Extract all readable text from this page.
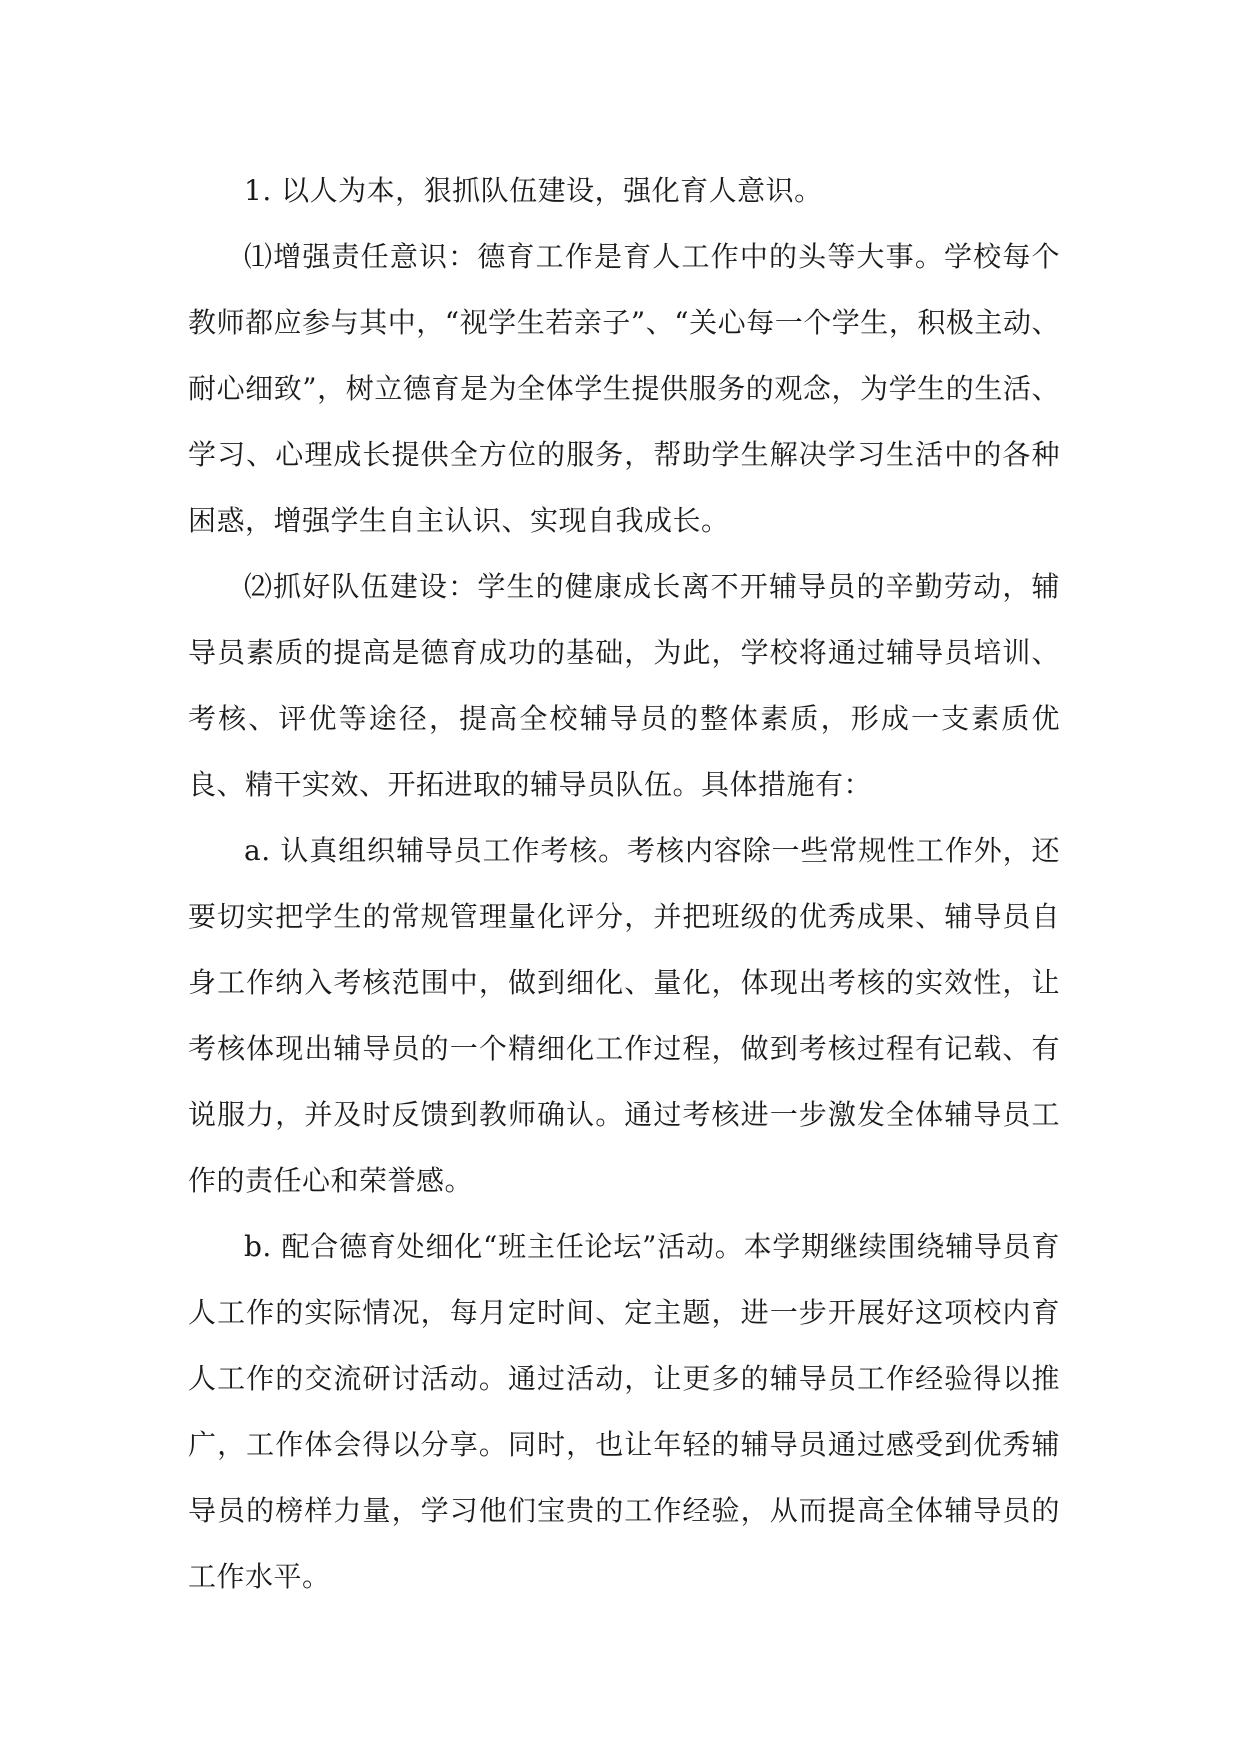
1. 以人为本，狠抓队伍建设，强化育人意识。

⑴增强责任意识：德育工作是育人工作中的头等大事。学校每个教师都应参与其中，“视学生若亲子”、“关心每一个学生，积极主动、耐心细致”，树立德育是为全体学生提供服务的观念，为学生的生活、学习、心理成长提供全方位的服务，帮助学生解决学习生活中的各种困惑，增强学生自主认识、实现自我成长。

⑵抓好队伍建设：学生的健康成长离不开辅导员的辛勤劳动，辅导员素质的提高是德育成功的基础，为此，学校将通过辅导员培训、考核、评优等途径，提高全校辅导员的整体素质，形成一支素质优良、精干实效、开拓进取的辅导员队伍。具体措施有：

a. 认真组织辅导员工作考核。考核内容除一些常规性工作外，还要切实把学生的常规管理量化评分，并把班级的优秀成果、辅导员自身工作纳入考核范围中，做到细化、量化，体现出考核的实效性，让考核体现出辅导员的一个精细化工作过程，做到考核过程有记载、有说服力，并及时反馈到教师确认。通过考核进一步激发全体辅导员工作的责任心和荣誉感。

b. 配合德育处细化“班主任论坛”活动。本学期继续围绕辅导员育人工作的实际情况，每月定时间、定主题，进一步开展好这项校内育人工作的交流研讨活动。通过活动，让更多的辅导员工作经验得以推广，工作体会得以分享。同时，也让年轻的辅导员通过感受到优秀辅导员的榜样力量，学习他们宝贵的工作经验，从而提高全体辅导员的工作水平。
